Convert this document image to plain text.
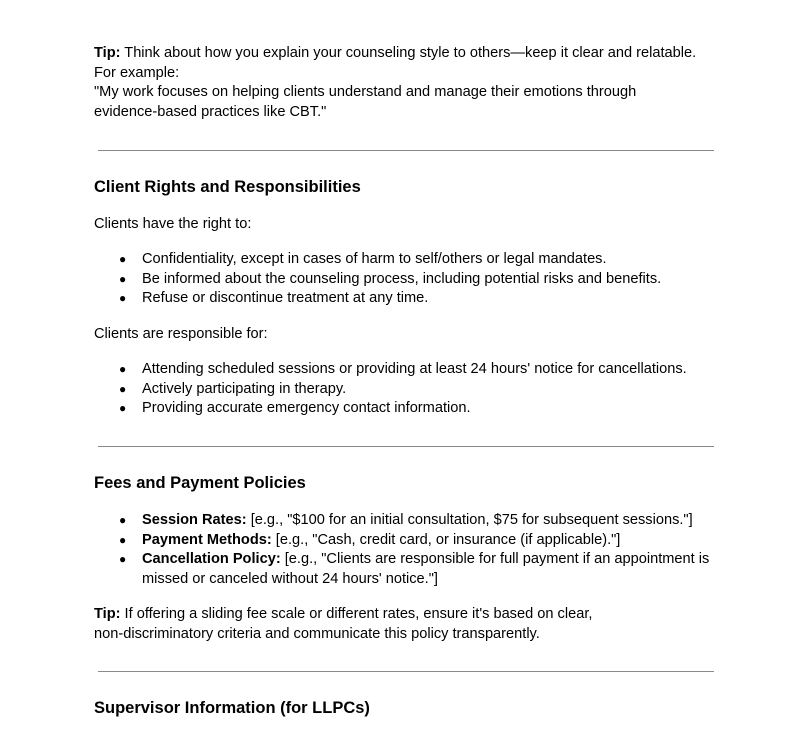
Tip: Think about how you explain your counseling style to others—keep it clear and relatable.

For example:

"My work focuses on helping clients understand and manage their emotions through

evidence-based practices like CBT."

Client Rights and Responsibilities

Clients have the right to:

● Confidentiality, except in cases of harm to self/others or legal mandates.
● Be informed about the counseling process, including potential risks and benefits.
● Refuse or discontinue treatment at any time.

Clients are responsible for:

● Attending scheduled sessions or providing at least 24 hours' notice for cancellations.
● Actively participating in therapy.
● Providing accurate emergency contact information.
Fees and Payment Policies
● Session Rates: [e.g., "$100 for an initial consultation, $75 for subsequent sessions."]
● Payment Methods: [e.g., "Cash, credit card, or insurance (if applicable)."]
● Cancellation Policy: [e.g., "Clients are responsible for full payment if an appointment is
missed or canceled without 24 hours' notice."]

Tip: If offering a sliding fee scale or different rates, ensure it's based on clear,

non-discriminatory criteria and communicate this policy transparently.

Supervisor Information (for LLPCs)
